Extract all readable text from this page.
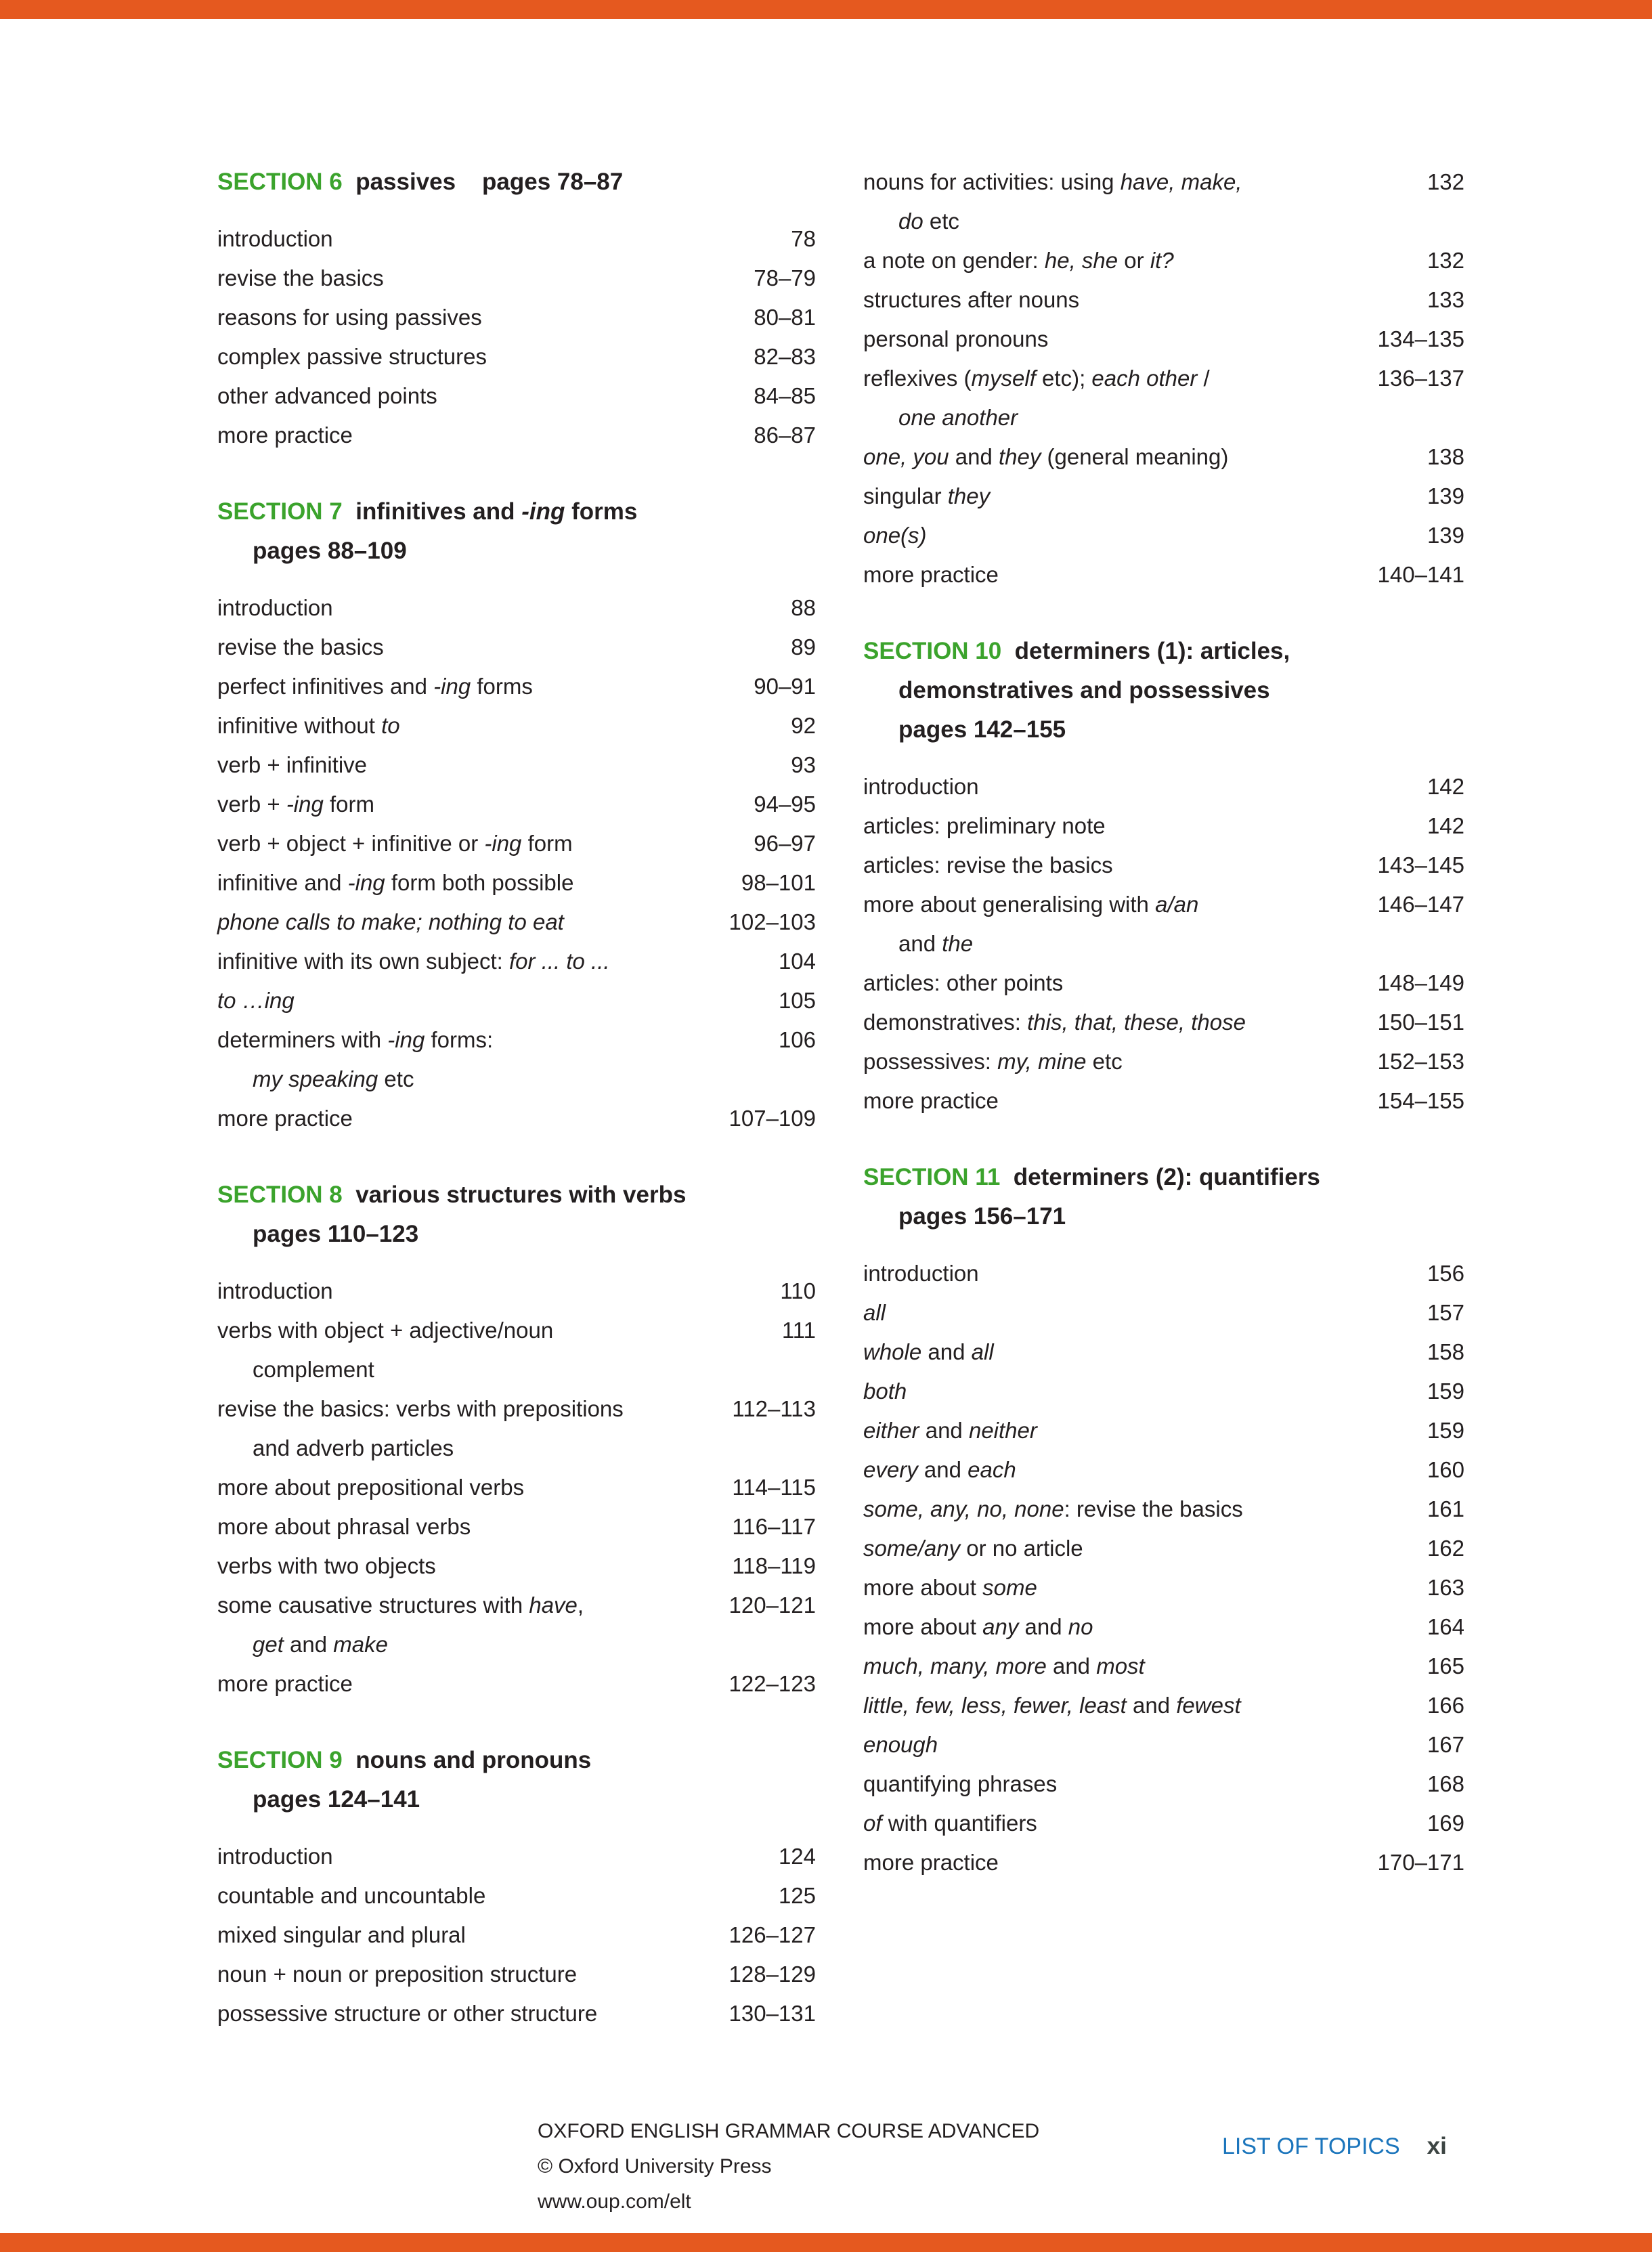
SECTION 6  passives    pages 78–87
introduction	78
revise the basics	78–79
reasons for using passives	80–81
complex passive structures	82–83
other advanced points	84–85
more practice	86–87
SECTION 7  infinitives and -ing forms
pages 88–109
introduction	88
revise the basics	89
perfect infinitives and -ing forms	90–91
infinitive without to	92
verb + infinitive	93
verb + -ing form	94–95
verb + object + infinitive or -ing form	96–97
infinitive and -ing form both possible	98–101
phone calls to make; nothing to eat	102–103
infinitive with its own subject: for ... to ...	104
to …ing	105
determiners with -ing forms:	106
my speaking etc
more practice	107–109
SECTION 8  various structures with verbs
pages 110–123
introduction	110
verbs with object + adjective/noun	111
complement
revise the basics: verbs with prepositions	112–113
and adverb particles
more about prepositional verbs	114–115
more about phrasal verbs	116–117
verbs with two objects	118–119
some causative structures with have,	120–121
get and make
more practice	122–123
SECTION 9  nouns and pronouns
pages 124–141
introduction	124
countable and uncountable	125
mixed singular and plural	126–127
noun + noun or preposition structure	128–129
possessive structure or other structure	130–131
nouns for activities: using have, make,	132
do etc
a note on gender: he, she or it?	132
structures after nouns	133
personal pronouns	134–135
reflexives (myself etc); each other /	136–137
one another
one, you and they (general meaning)	138
singular they	139
one(s)	139
more practice	140–141
SECTION 10  determiners (1): articles,
demonstratives and possessives
pages 142–155
introduction	142
articles: preliminary note	142
articles: revise the basics	143–145
more about generalising with a/an	146–147
and the
articles: other points	148–149
demonstratives: this, that, these, those	150–151
possessives: my, mine etc	152–153
more practice	154–155
SECTION 11  determiners (2): quantifiers
pages 156–171
introduction	156
all	157
whole and all	158
both	159
either and neither	159
every and each	160
some, any, no, none: revise the basics	161
some/any or no article	162
more about some	163
more about any and no	164
much, many, more and most	165
little, few, less, fewer, least and fewest	166
enough	167
quantifying phrases	168
of with quantifiers	169
more practice	170–171
OXFORD ENGLISH GRAMMAR COURSE ADVANCED
© Oxford University Press
www.oup.com/elt
LIST OF TOPICS xi
